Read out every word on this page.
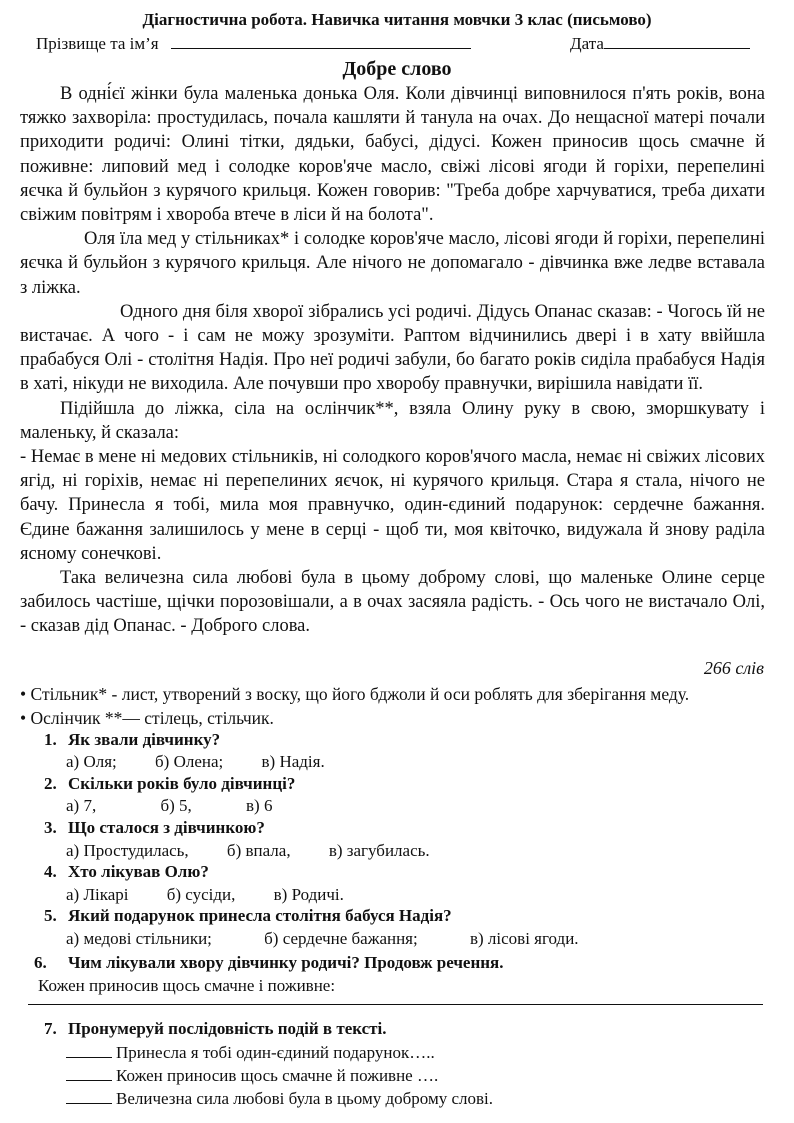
Діагностична робота. Навичка читання мовчки 3 клас (письмово)
Прізвище та ім’я	Дата
Добре слово

В одні́єї жінки була маленька донька Оля. Коли дівчинці виповнилося п'ять років, вона тяжко захворіла: простудилась, почала кашляти й танула на очах. До нещасної матері почали приходити родичі: Олині тітки, дядьки, бабусі, дідусі. Кожен приносив щось смачне й поживне: липовий мед і солодке коров'яче масло, свіжі лісові ягоди й горіхи, перепелині яєчка й бульйон з курячого крильця. Кожен говорив: "Треба добре харчуватися, треба дихати свіжим повітрям і хвороба втече в ліси й на болота".

Оля їла мед у стільниках* і солодке коров'яче масло, лісові ягоди й горіхи, перепелині яєчка й бульйон з курячого крильця. Але нічого не допомагало - дівчинка вже ледве вставала з ліжка.

Одного дня біля хворої зібрались усі родичі. Дідусь Опанас сказав: - Чогось їй не вистачає. А чого - і сам не можу зрозуміти. Раптом відчинились двері і в хату ввійшла прабабуся Олі - столітня Надія. Про неї родичі забули, бо багато років сиділа прабабуся Надія в хаті, нікуди не виходила. Але почувши про хворобу правнучки, вирішила навідати її.

Підійшла до ліжка, сіла на ослінчик**, взяла Олину руку в свою, зморшкувату і маленьку, й сказала:

- Немає в мене ні медових стільників, ні солодкого коров'ячого масла, немає ні свіжих лісових ягід, ні горіхів, немає ні перепелиних яєчок, ні курячого крильця. Стара я стала, нічого не бачу. Принесла я тобі, мила моя правнучко, один-єдиний подарунок: сердечне бажання. Єдине бажання залишилось у мене в серці - щоб ти, моя квіточко, видужала й знову раділа ясному сонечкові.

Така величезна сила любові була в цьому доброму слові, що маленьке Олине серце забилось частіше, щічки порозовішали, а в очах засяяла радість. - Ось чого не вистачало Олі, - сказав дід Опанас. - Доброго слова.

266 слів
• Стільник* - лист, утворений з воску, що його бджоли й оси роблять для зберігання меду.
• Ослінчик **— стілець, стільчик.
1. Як звали дівчинку?
а) Оля; б) Олена; в) Надія.
2. Скільки років було дівчинці?
а) 7,	б) 5,	в) 6
3. Що сталося з дівчинкою?
а) Простудилась, б) впала, в) загубилась.
4. Хто лікував Олю?
а) Лікарі б) сусіди, в) Родичі.
5. Який подарунок принесла столітня бабуся Надія?
а) медові стільники;	б) сердечне бажання;	в) лісові ягоди.
6. Чим лікували хвору дівчинку родичі? Продовж речення.
Кожен приносив щось смачне і поживне:
7. Пронумеруй послідовність подій в тексті.
Принесла я тобі один-єдиний подарунок…..
Кожен приносив щось смачне й поживне ….
Величезна сила любові була в цьому доброму слові.
